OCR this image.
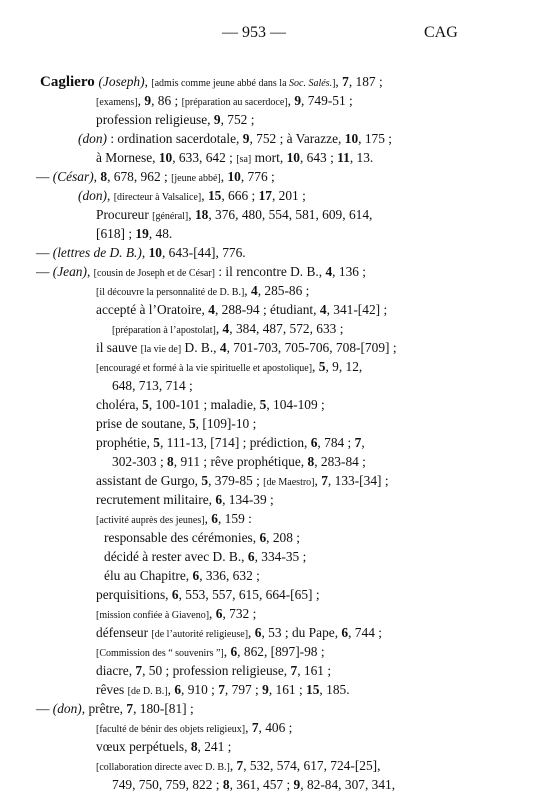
— 953 —	CAG
Cagliero (Joseph), [admis comme jeune abbé dans la Soc. Salés.], 7, 187 ;
[examens], 9, 86 ; [préparation au sacerdoce], 9, 749-51 ;
profession religieuse, 9, 752 ;
(don) : ordination sacerdotale, 9, 752 ; à Varazze, 10, 175 ;
à Mornese, 10, 633, 642 ; [sa] mort, 10, 643 ; 11, 13.
— (César), 8, 678, 962 ; [jeune abbé], 10, 776 ;
(don), [directeur à Valsalice], 15, 666 ; 17, 201 ;
Procureur [général], 18, 376, 480, 554, 581, 609, 614,
[618] ; 19, 48.
— (lettres de D. B.), 10, 643-[44], 776.
— (Jean), [cousin de Joseph et de César] : il rencontre D. B., 4, 136 ;
[il découvre la personnalité de D. B.], 4, 285-86 ;
accepté à l’Oratoire, 4, 288-94 ; étudiant, 4, 341-[42] ;
[préparation à l’apostolat], 4, 384, 487, 572, 633 ;
il sauve [la vie de] D. B., 4, 701-703, 705-706, 708-[709] ;
[encouragé et formé à la vie spirituelle et apostolique], 5, 9, 12,
648, 713, 714 ;
choléra, 5, 100-101 ; maladie, 5, 104-109 ;
prise de soutane, 5, [109]-10 ;
prophétie, 5, 111-13, [714] ; prédiction, 6, 784 ; 7,
302-303 ; 8, 911 ; rêve prophétique, 8, 283-84 ;
assistant de Gurgo, 5, 379-85 ; [de Maestro], 7, 133-[34] ;
recrutement militaire, 6, 134-39 ;
[activité auprès des jeunes], 6, 159 :
responsable des cérémonies, 6, 208 ;
décidé à rester avec D. B., 6, 334-35 ;
élu au Chapitre, 6, 336, 632 ;
perquisitions, 6, 553, 557, 615, 664-[65] ;
[mission confiée à Giaveno], 6, 732 ;
défenseur [de l’autorité religieuse], 6, 53 ; du Pape, 6, 744 ;
[Commission des “ souvenirs ”], 6, 862, [897]-98 ;
diacre, 7, 50 ; profession religieuse, 7, 161 ;
rêves [de D. B.], 6, 910 ; 7, 797 ; 9, 161 ; 15, 185.
— (don), prêtre, 7, 180-[81] ;
[faculté de bénir des objets religieux], 7, 406 ;
vœux perpétuels, 8, 241 ;
[collaboration directe avec D. B.], 7, 532, 574, 617, 724-[25],
749, 750, 759, 822 ; 8, 361, 457 ; 9, 82-84, 307, 341,
